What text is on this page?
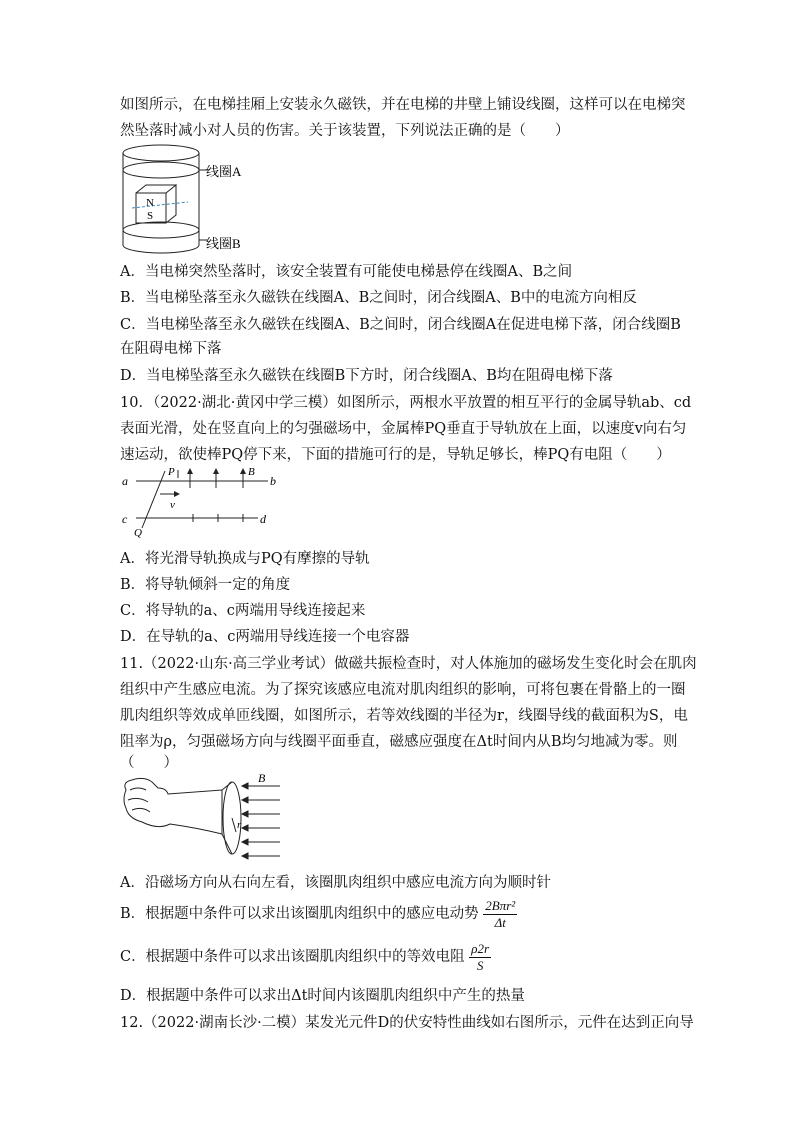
如图所示，在电梯挂厢上安装永久磁铁，并在电梯的井壁上铺设线圈，这样可以在电梯突
然坠落时减小对人员的伤害。关于该装置，下列说法正确的是（　　）
N
S
线圈A
线圈B
A．当电梯突然坠落时，该安全装置有可能使电梯悬停在线圈A、B之间
B．当电梯坠落至永久磁铁在线圈A、B之间时，闭合线圈A、B中的电流方向相反
C．当电梯坠落至永久磁铁在线圈A、B之间时，闭合线圈A在促进电梯下落，闭合线圈B
在阻碍电梯下落
D．当电梯坠落至永久磁铁在线圈B下方时，闭合线圈A、B均在阻碍电梯下落
10．（2022·湖北·黄冈中学三模）如图所示，两根水平放置的相互平行的金属导轨ab、cd
表面光滑，处在竖直向上的匀强磁场中，金属棒PQ垂直于导轨放在上面，以速度v向右匀
速运动，欲使棒PQ停下来，下面的措施可行的是，导轨足够长，棒PQ有电阻（　　）
a	b
c	d
P
Q
v
B
A．将光滑导轨换成与PQ有摩擦的导轨
B．将导轨倾斜一定的角度
C．将导轨的a、c两端用导线连接起来
D．在导轨的a、c两端用导线连接一个电容器
11.（2022·山东·高三学业考试）做磁共振检查时，对人体施加的磁场发生变化时会在肌肉
组织中产生感应电流。为了探究该感应电流对肌肉组织的影响，可将包裹在骨骼上的一圈
肌肉组织等效成单匝线圈，如图所示，若等效线圈的半径为r，线圈导线的截面积为S，电
阻率为ρ，匀强磁场方向与线圈平面垂直，磁感应强度在Δt时间内从B均匀地减为零。则
（　　）
r
B
A．沿磁场方向从右向左看，该圈肌肉组织中感应电流方向为顺时针
B．根据题中条件可以求出该圈肌肉组织中的感应电动势 $\frac{\text{2Bπr²}}{\Delta t}$
C．根据题中条件可以求出该圈肌肉组织中的等效电阻 $\frac{\rho 2r}{S}$
D．根据题中条件可以求出Δt时间内该圈肌肉组织中产生的热量
12.（2022·湖南长沙·二模）某发光元件D的伏安特性曲线如右图所示，元件在达到正向导
